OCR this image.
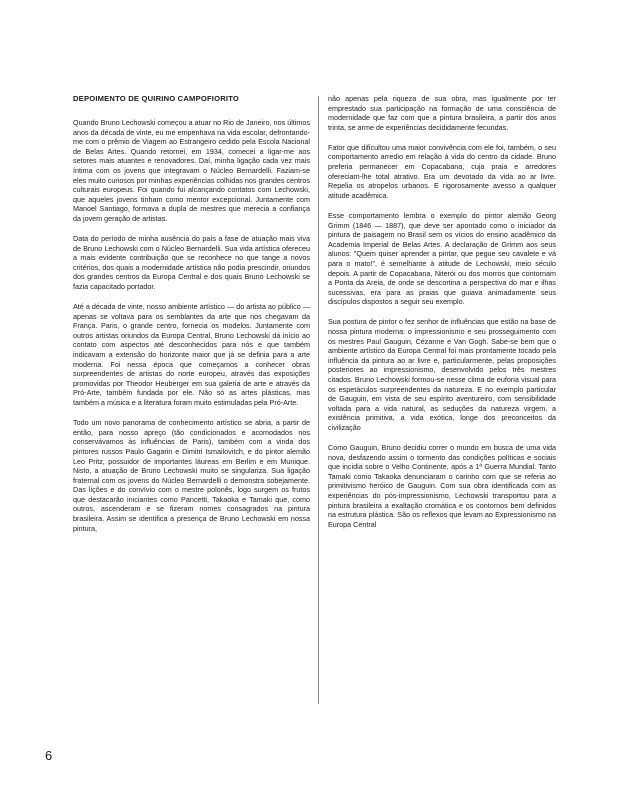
DEPOIMENTO DE QUIRINO CAMPOFIORITO

Quando Bruno Lechowski começou a atuar no Rio de Janeiro, nos últimos anos da década de vinte, eu me empenhava na vida escolar, defrontando-me com o prêmio de Viagem ao Estrangeiro cedido pela Escola Nacional de Belas Artes. Quando retornei, em 1934, comecei a ligar-me aos setores mais atuantes e renovadores. Daí, minha ligação cada vez mais íntima com os jovens que integravam o Núcleo Bernardelli. Faziam-se eles muito curiosos por minhas experiências colhidas nos grandes centros culturais europeus. Foi quando fui alcançando contatos com Lechowski, que aqueles jovens tinham como mentor excepcional. Juntamente com Manoel Santiago, formava a dupla de mestres que merecia a confiança da jovem geração de artistas.

Data do período de minha ausência do país a fase de atuação mais viva de Bruno Lechowski com o Núcleo Bernardelli. Sua vida artística ofereceu a mais evidente contribuição que se reconhece no que tange a novos critérios, dos quais a modernidade artística não podia prescindir, oriundos dos grandes centros da Europa Central e dos quais Bruno Lechowski se fazia capacitado portador.

Até a década de vinte, nosso ambiente artístico — do artista ao público — apenas se voltava para os semblantes da arte que nos chegavam da França. Paris, o grande centro, fornecia os modelos. Juntamente com outros artistas oriundos da Europa Central, Bruno Lechowski dá início ao contato com aspectos até desconhecidos para nós e que também indicavam a extensão do horizonte maior que já se definia para a arte moderna. Foi nessa época que começamos a conhecer obras surpreendentes de artistas do norte europeu, através das exposições promovidas por Theodor Heuberger em sua galeria de arte e através da Pró-Arte, também fundada por ele. Não só as artes plásticas, mas também a música e a literatura foram muito estimuladas pela Pró-Arte.

Todo um novo panorama de conhecimento artístico se abria, a partir de então, para nosso apreço (tão condicionados e acomodados nos conservávamos às influências de Paris), também com a vinda dos pintores russos Paulo Gagarin e Dimitri Ismailovitch, e do pintor alemão Leo Pritz, possuidor de importantes láureas em Berlim e em Munique. Nisto, a atuação de Bruno Lechowski muito se singulariza. Sua ligação fraternal com os jovens do Núcleo Bernardelli o demonstra sobejamente. Das lições e do convívio com o mestre polonês, logo surgem os frutos que destacarão iniciantes como Pancetti, Takaoka e Tamaki que, como outros, ascenderam e se fizeram nomes consagrados na pintura brasileira. Assim se identifica a presença de Bruno Lechowski em nossa pintura,

não apenas pela riqueza de sua obra, mas igualmente por ter emprestado sua participação na formação de uma consciência de modernidade que faz com que a pintura brasileira, a partir dos anos trinta, se arme de experiências decididamente fecundas.

Fator que dificultou uma maior convivência com ele foi, também, o seu comportamento arredio em relação à vida do centro da cidade. Bruno preferia permanecer em Copacabana, cuja praia e arredores ofereciam-lhe total atrativo. Era um devotado da vida ao ar livre. Repelia os atropelos urbanos. E rigorosamente avesso a qualquer atitude acadêmica.

Esse comportamento lembra o exemplo do pintor alemão Georg Grimm (1846 — 1887), que deve ser apontado como o iniciador da pintura de paisagem no Brasil sem os vícios do ensino acadêmico da Academia Imperial de Belas Artes. A declaração de Grimm aos seus alunos: "Quem quiser aprender a pintar, que pegue seu cavalete e vá para o mato!", é semelhante à atitude de Lechowski, meio século depois. A partir de Copacabana, Niterói ou dos morros que contornam a Ponta da Areia, de onde se descortina a perspectiva do mar e ilhas sucessivas, era para as praias que guiava animadamente seus discípulos dispostos a seguir seu exemplo.

Sua postura de pintor o fez senhor de influências que estão na base de nossa pintura moderna: o impressionismo e seu prosseguimento com os mestres Paul Gauguin, Cézanne e Van Gogh. Sabe-se bem que o ambiente artístico da Europa Central foi mais prontamente tocado pela influência da pintura ao ar livre e, particularmente, pelas proposições posteriores ao impressionismo, desenvolvido pelos três mestres citados. Bruno Lechowski formou-se nesse clima de euforia visual para os espetáculos surpreendentes da natureza. E no exemplo particular de Gauguin, em vista de seu espírito aventureiro, com sensibilidade voltada para a vida natural, as seduções da natureza virgem, a existência primitiva, a vida exótica, longe dos preconceitos da civilização

Como Gauguin, Bruno decidiu correr o mundo em busca de uma vida nova, desfazendo assim o tormento das condições políticas e sociais que incidia sobre o Velho Continente, após a 1ª Guerra Mundial. Tanto Tamaki como Takaoka denunciaram o carinho com que se referia ao primitivismo heróico de Gauguin. Com sua obra identificada com as experiências do pós-impressionismo, Lechowski transportou para a pintura brasileira a exaltação cromática e os contornos bem definidos na estrutura plástica. São os reflexos que levam ao Expressionismo na Europa Central

6
